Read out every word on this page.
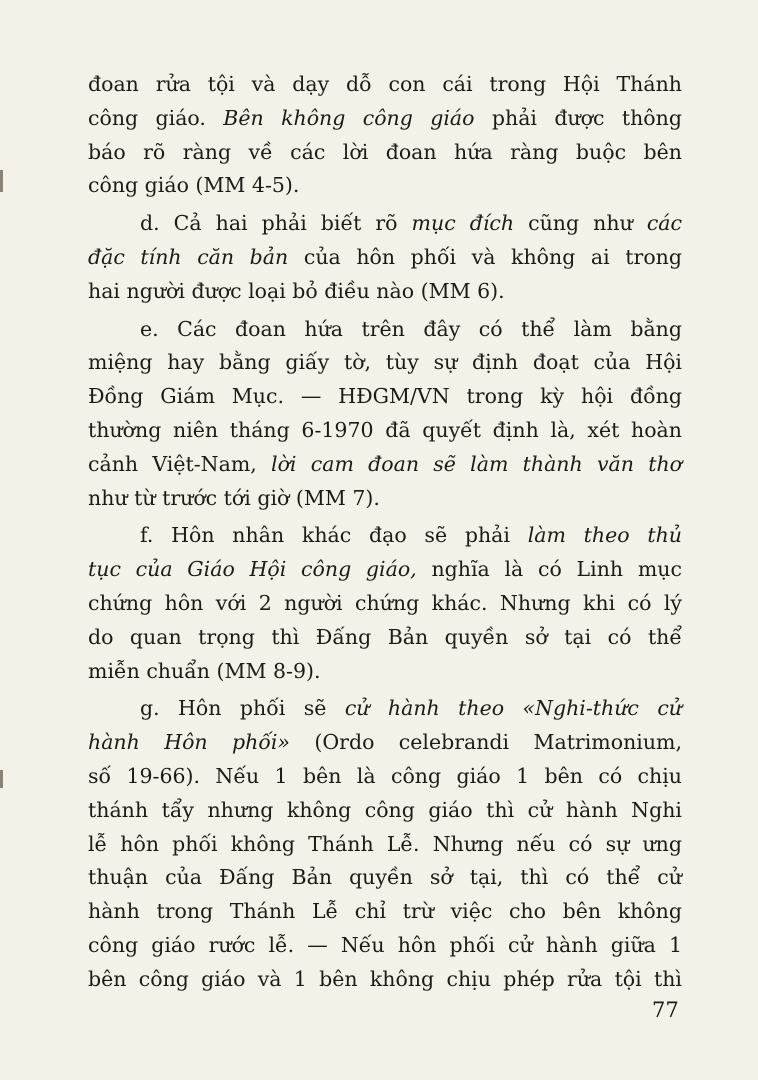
đoan rửa tội và dạy dỗ con cái trong Hội Thánh
công giáo. Bên không công giáo phải được thông
báo rõ ràng về các lời đoan hứa ràng buộc bên
công giáo (MM 4-5).
d. Cả hai phải biết rõ mục đích cũng như các
đặc tính căn bản của hôn phối và không ai trong
hai người được loại bỏ điều nào (MM 6).
e. Các đoan hứa trên đây có thể làm bằng
miệng hay bằng giấy tờ, tùy sự định đoạt của Hội
Đồng Giám Mục. — HĐGM/VN trong kỳ hội đồng
thường niên tháng 6-1970 đã quyết định là, xét hoàn
cảnh Việt-Nam, lời cam đoan sẽ làm thành văn thơ
như từ trước tới giờ (MM 7).
f. Hôn nhân khác đạo sẽ phải làm theo thủ
tục của Giáo Hội công giáo, nghĩa là có Linh mục
chứng hôn với 2 người chứng khác. Nhưng khi có lý
do quan trọng thì Đấng Bản quyền sở tại có thể
miễn chuẩn (MM 8-9).
g. Hôn phối sẽ cử hành theo «Nghi-thức cử
hành Hôn phối» (Ordo celebrandi Matrimonium,
số 19-66). Nếu 1 bên là công giáo 1 bên có chịu
thánh tẩy nhưng không công giáo thì cử hành Nghi
lễ hôn phối không Thánh Lễ. Nhưng nếu có sự ưng
thuận của Đấng Bản quyền sở tại, thì có thể cử
hành trong Thánh Lễ chỉ trừ việc cho bên không
công giáo rước lễ. — Nếu hôn phối cử hành giữa 1
bên công giáo và 1 bên không chịu phép rửa tội thì
77
